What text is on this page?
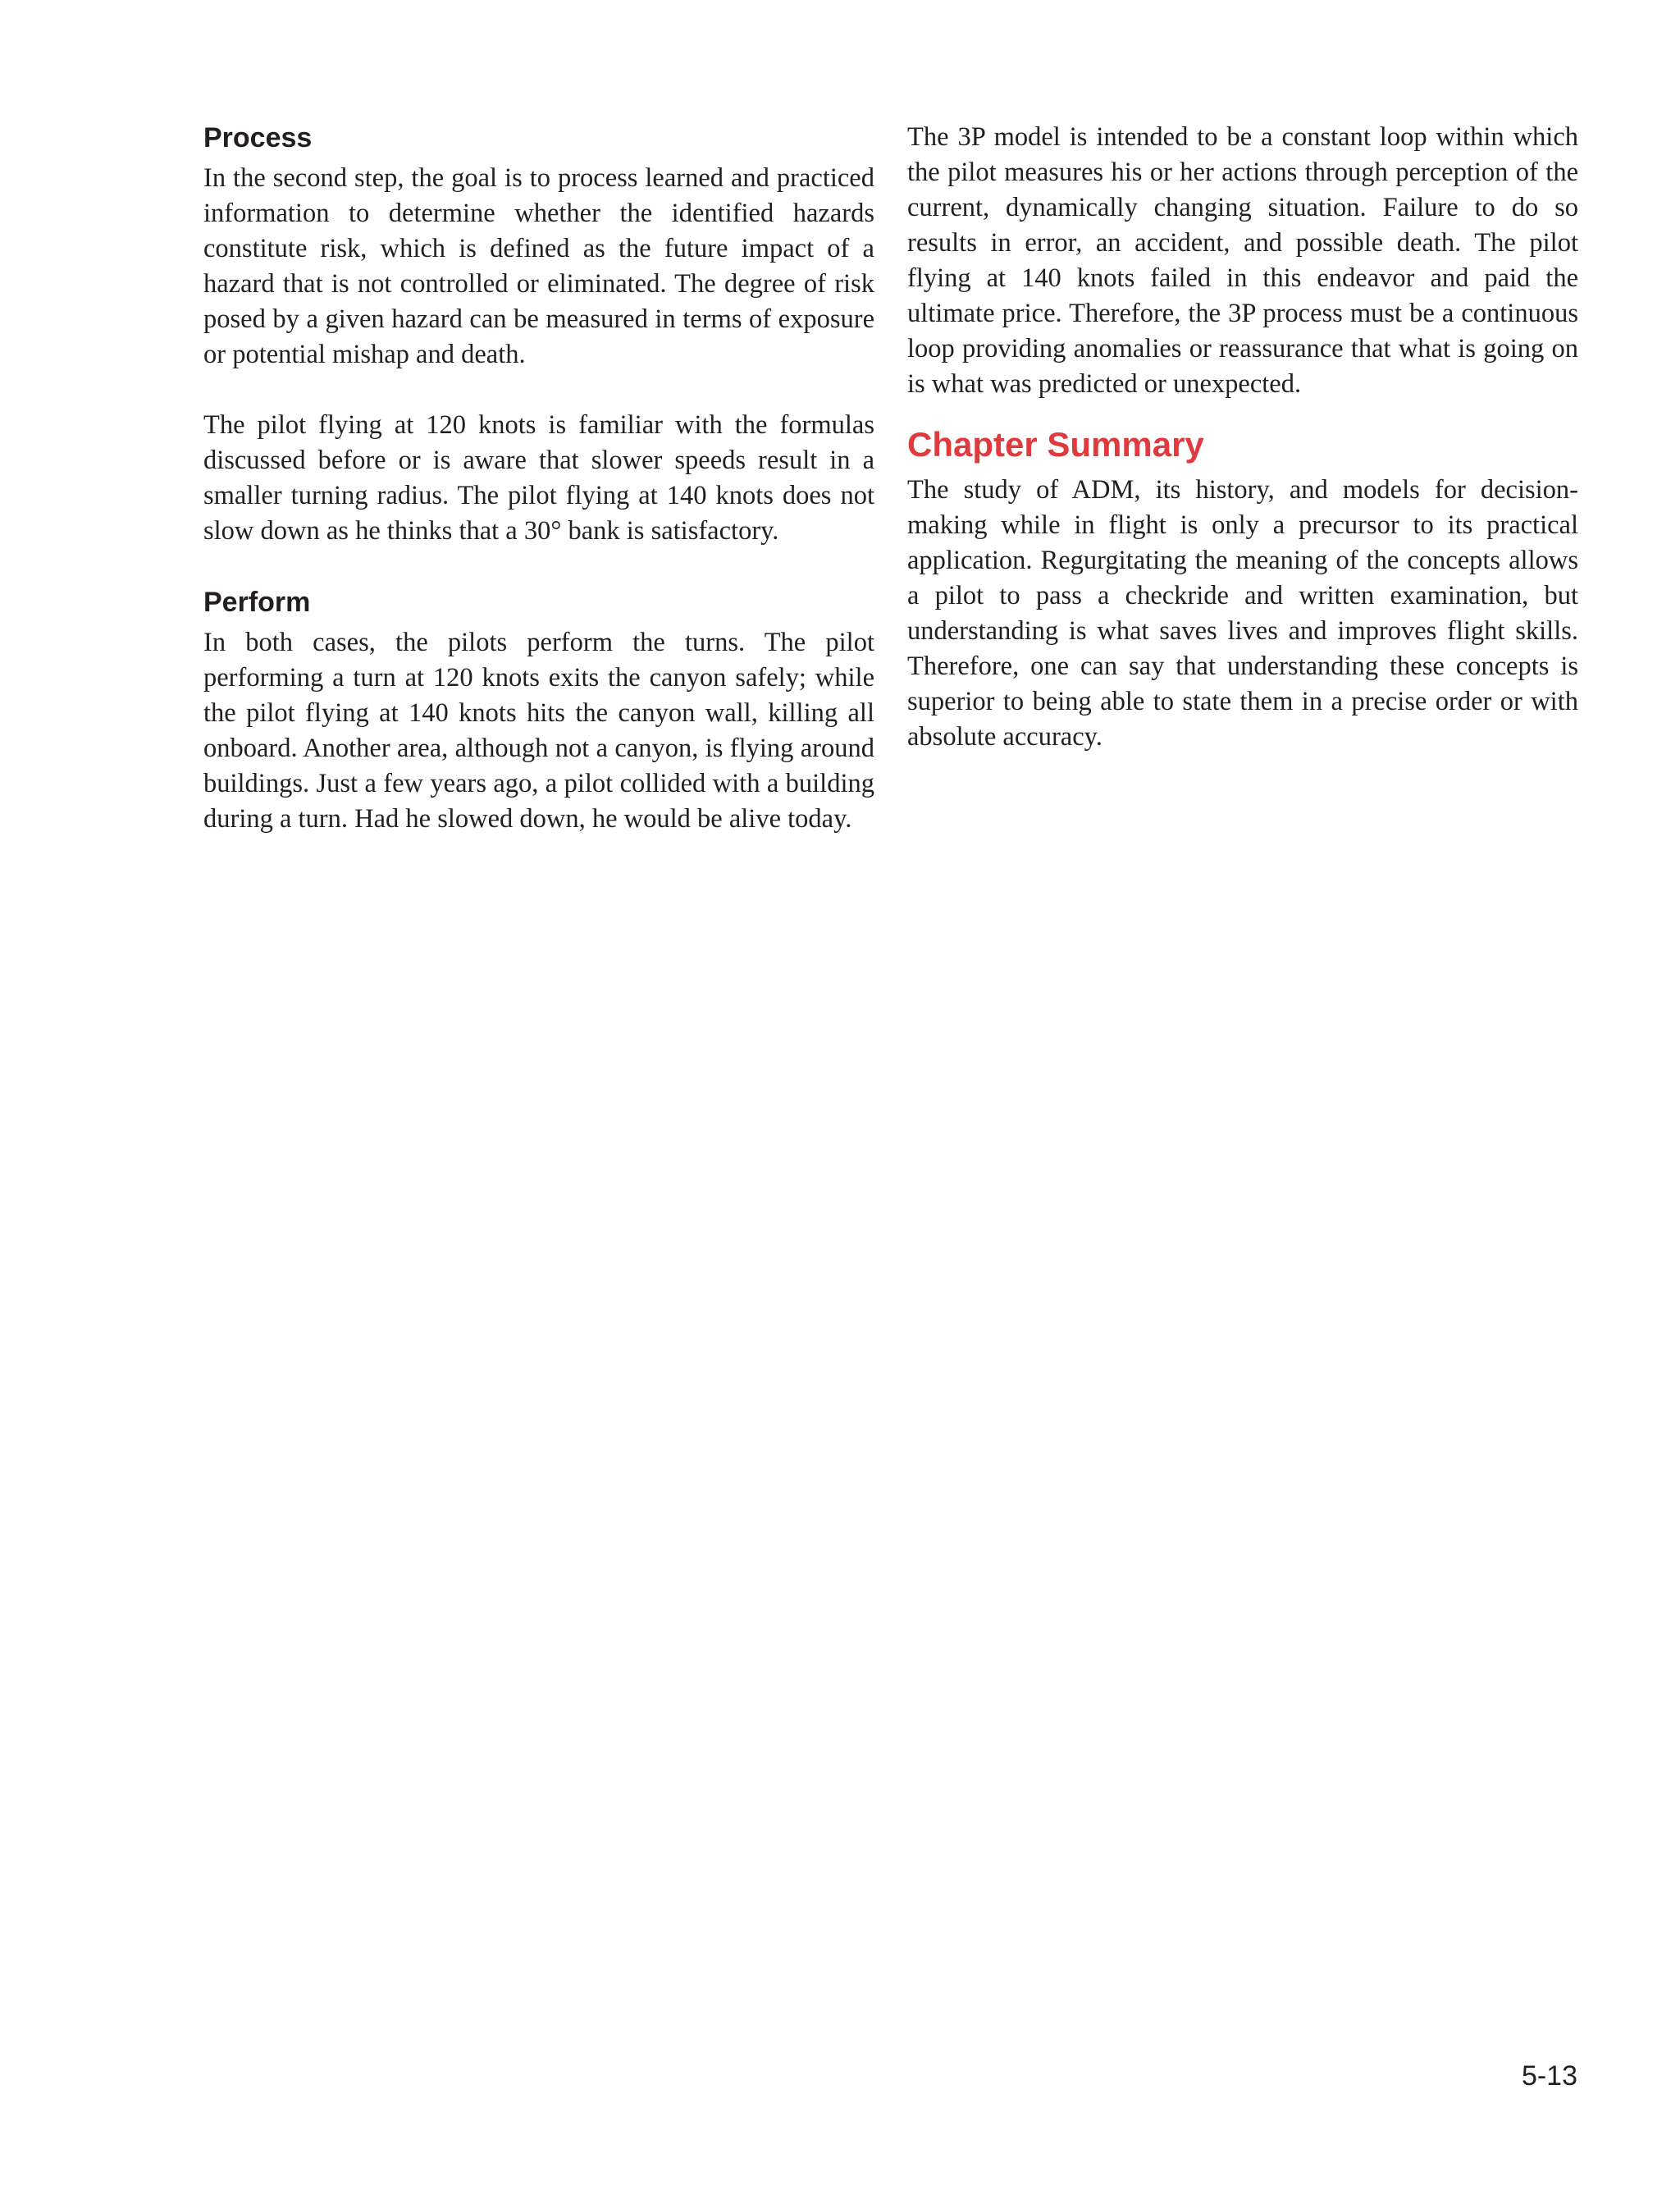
Process

In the second step, the goal is to process learned and practiced information to determine whether the identified hazards constitute risk, which is defined as the future impact of a hazard that is not controlled or eliminated. The degree of risk posed by a given hazard can be measured in terms of exposure or potential mishap and death.

The pilot flying at 120 knots is familiar with the formulas discussed before or is aware that slower speeds result in a smaller turning radius. The pilot flying at 140 knots does not slow down as he thinks that a 30° bank is satisfactory.

Perform

In both cases, the pilots perform the turns. The pilot performing a turn at 120 knots exits the canyon safely; while the pilot flying at 140 knots hits the canyon wall, killing all onboard. Another area, although not a canyon, is flying around buildings. Just a few years ago, a pilot collided with a building during a turn. Had he slowed down, he would be alive today.

The 3P model is intended to be a constant loop within which the pilot measures his or her actions through perception of the current, dynamically changing situation. Failure to do so results in error, an accident, and possible death. The pilot flying at 140 knots failed in this endeavor and paid the ultimate price. Therefore, the 3P process must be a continuous loop providing anomalies or reassurance that what is going on is what was predicted or unexpected.

Chapter Summary

The study of ADM, its history, and models for decision-making while in flight is only a precursor to its practical application. Regurgitating the meaning of the concepts allows a pilot to pass a checkride and written examination, but understanding is what saves lives and improves flight skills. Therefore, one can say that understanding these concepts is superior to being able to state them in a precise order or with absolute accuracy.

5-13
